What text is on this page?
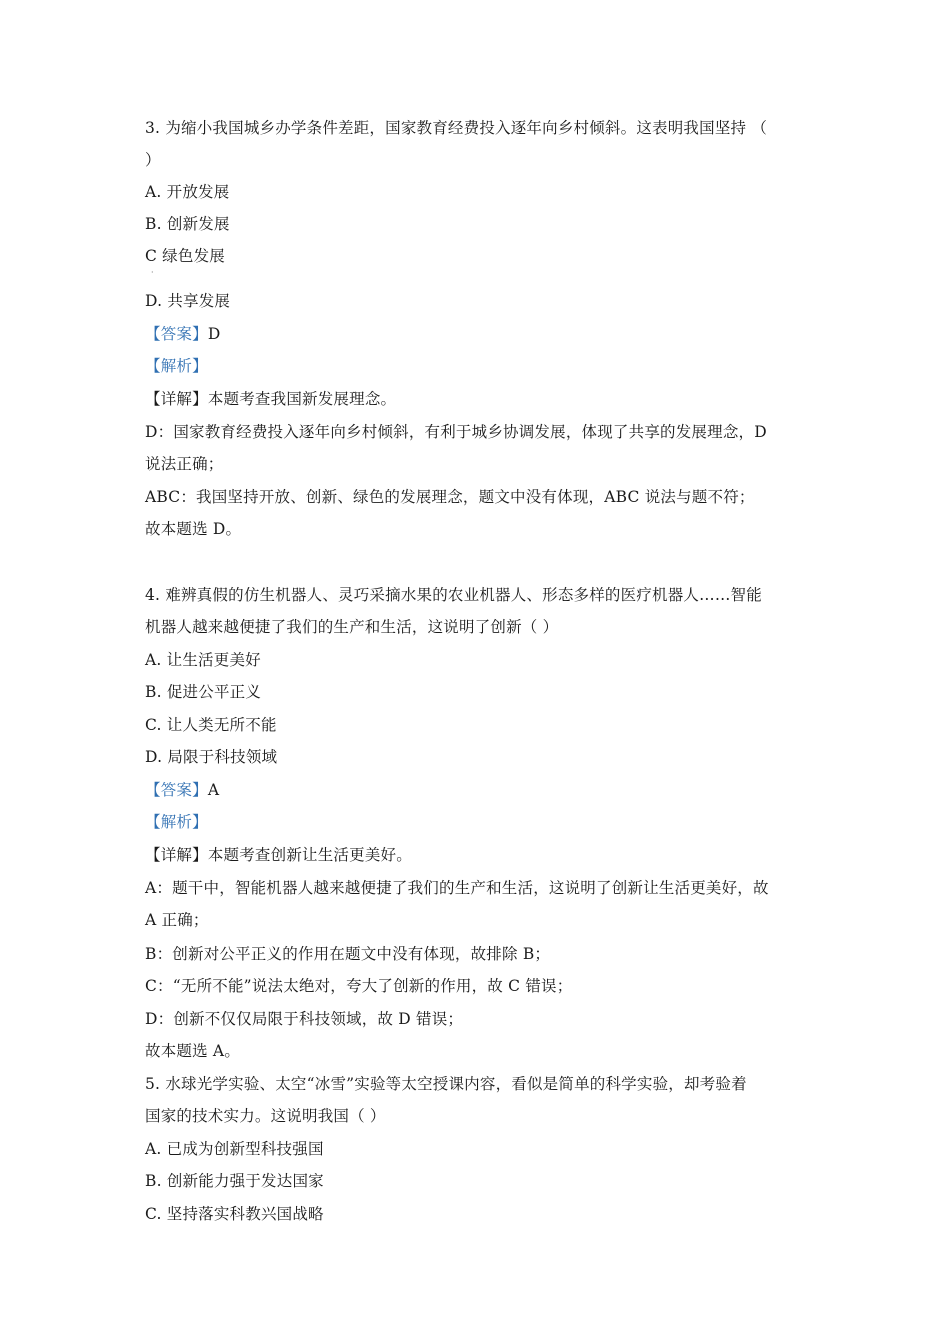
3. 为缩小我国城乡办学条件差距，国家教育经费投入逐年向乡村倾斜。这表明我国坚持 （
）
A. 开放发展
B. 创新发展
C 绿色发展
·
D. 共享发展
【答案】D
【解析】
【详解】本题考查我国新发展理念。
D：国家教育经费投入逐年向乡村倾斜，有利于城乡协调发展，体现了共享的发展理念，D
说法正确；
ABC：我国坚持开放、创新、绿色的发展理念，题文中没有体现，ABC 说法与题不符；
故本题选 D。
4. 难辨真假的仿生机器人、灵巧采摘水果的农业机器人、形态多样的医疗机器人……智能
机器人越来越便捷了我们的生产和生活，这说明了创新（ ）
A. 让生活更美好
B. 促进公平正义
C. 让人类无所不能
D. 局限于科技领域
【答案】A
【解析】
【详解】本题考查创新让生活更美好。
A：题干中，智能机器人越来越便捷了我们的生产和生活，这说明了创新让生活更美好，故
A 正确；
B：创新对公平正义的作用在题文中没有体现，故排除 B；
C：“无所不能”说法太绝对，夸大了创新的作用，故 C 错误；
D：创新不仅仅局限于科技领域，故 D 错误；
故本题选 A。
5. 水球光学实验、太空“冰雪”实验等太空授课内容，看似是简单的科学实验，却考验着
国家的技术实力。这说明我国（ ）
A. 已成为创新型科技强国
B. 创新能力强于发达国家
C. 坚持落实科教兴国战略
